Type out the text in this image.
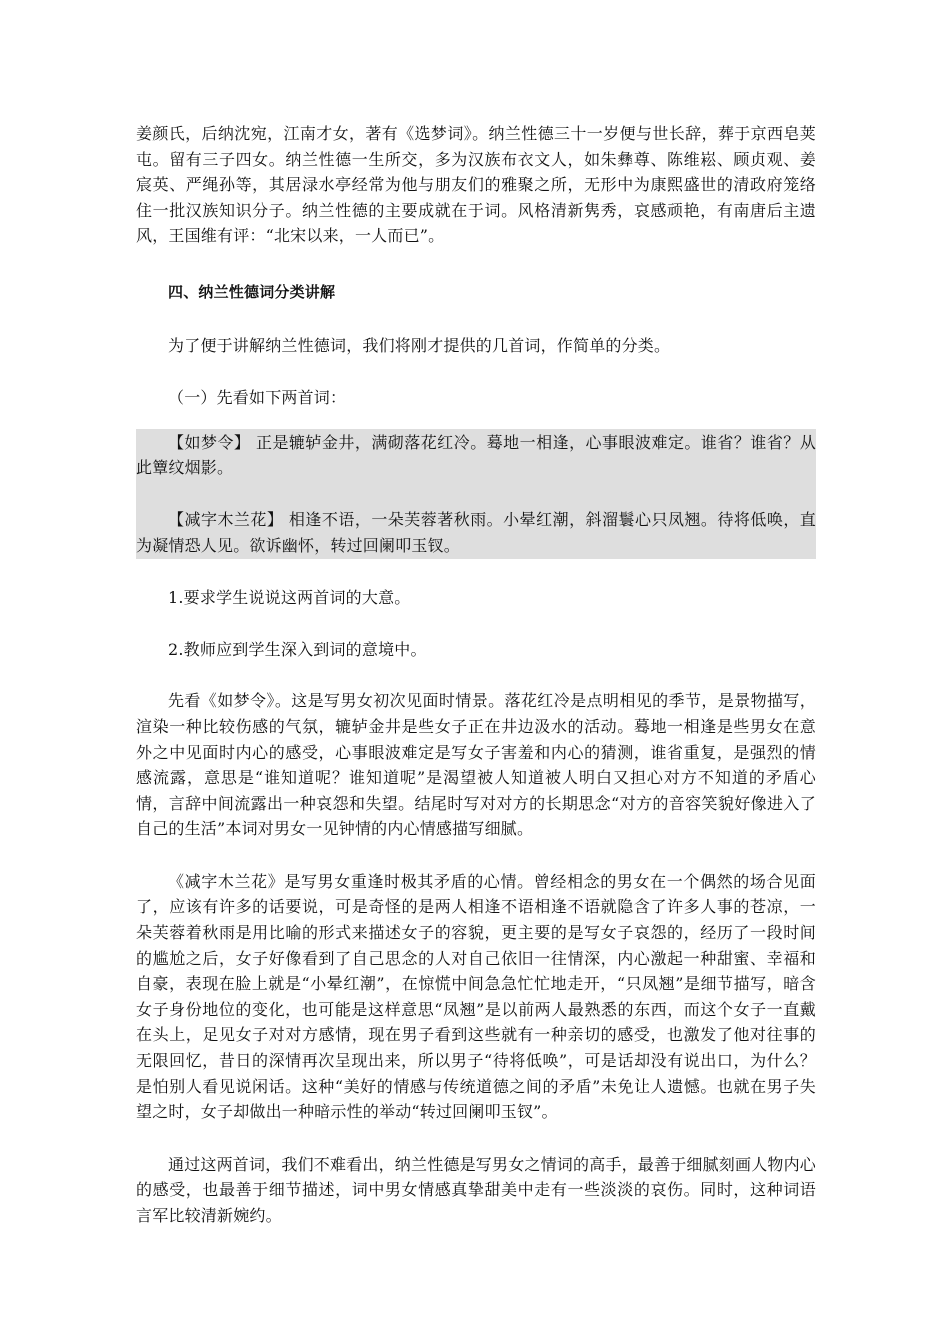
姜颜氏，后纳沈宛，江南才女，著有《选梦词》。纳兰性德三十一岁便与世长辞，葬于京西皂荚屯。留有三子四女。纳兰性德一生所交，多为汉族布衣文人，如朱彝尊、陈维崧、顾贞观、姜宸英、严绳孙等，其居渌水亭经常为他与朋友们的雅聚之所，无形中为康熙盛世的清政府笼络住一批汉族知识分子。纳兰性德的主要成就在于词。风格清新隽秀，哀感顽艳，有南唐后主遗风，王国维有评：“北宋以来，一人而已”。

四、纳兰性德词分类讲解

为了便于讲解纳兰性德词，我们将刚才提供的几首词，作简单的分类。

（一）先看如下两首词：

【如梦令】 正是辘轳金井，满砌落花红冷。蓦地一相逢，心事眼波难定。谁省？谁省？从此簟纹烟影。

【减字木兰花】 相逢不语，一朵芙蓉著秋雨。小晕红潮，斜溜鬟心只凤翘。待将低唤，直为凝情恐人见。欲诉幽怀，转过回阑叩玉钗。

1.要求学生说说这两首词的大意。

2.教师应到学生深入到词的意境中。

先看《如梦令》。这是写男女初次见面时情景。落花红冷是点明相见的季节，是景物描写，渲染一种比较伤感的气氛，辘轳金井是些女子正在井边汲水的活动。蓦地一相逢是些男女在意外之中见面时内心的感受，心事眼波难定是写女子害羞和内心的猜测，谁省重复，是强烈的情感流露，意思是“谁知道呢？谁知道呢”是渴望被人知道被人明白又担心对方不知道的矛盾心情，言辞中间流露出一种哀怨和失望。结尾时写对对方的长期思念“对方的音容笑貌好像进入了自己的生活”本词对男女一见钟情的内心情感描写细腻。

《减字木兰花》是写男女重逢时极其矛盾的心情。曾经相念的男女在一个偶然的场合见面了，应该有许多的话要说，可是奇怪的是两人相逢不语相逢不语就隐含了许多人事的苍凉，一朵芙蓉着秋雨是用比喻的形式来描述女子的容貌，更主要的是写女子哀怨的，经历了一段时间的尴尬之后，女子好像看到了自己思念的人对自己依旧一往情深，内心激起一种甜蜜、幸福和自豪，表现在脸上就是“小晕红潮”，在惊慌中间急急忙忙地走开，“只凤翘”是细节描写，暗含女子身份地位的变化，也可能是这样意思“凤翘”是以前两人最熟悉的东西，而这个女子一直戴在头上，足见女子对对方感情，现在男子看到这些就有一种亲切的感受，也激发了他对往事的无限回忆，昔日的深情再次呈现出来，所以男子“待将低唤”，可是话却没有说出口，为什么？是怕别人看见说闲话。这种“美好的情感与传统道德之间的矛盾”未免让人遗憾。也就在男子失望之时，女子却做出一种暗示性的举动“转过回阑叩玉钗”。

通过这两首词，我们不难看出，纳兰性德是写男女之情词的高手，最善于细腻刻画人物内心的感受，也最善于细节描述，词中男女情感真挚甜美中走有一些淡淡的哀伤。同时，这种词语言军比较清新婉约。
